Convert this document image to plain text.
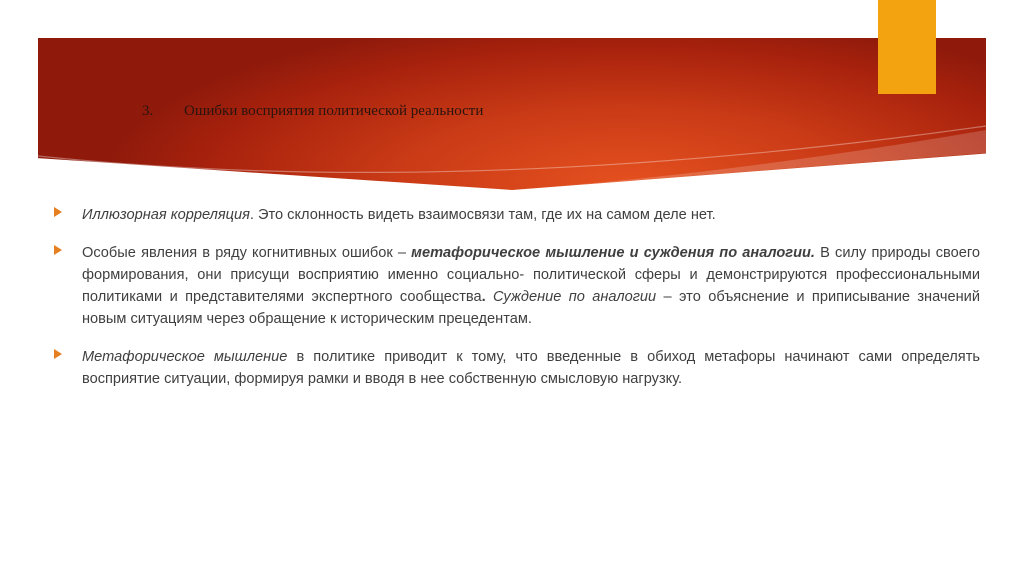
3.	Ошибки восприятия политической реальности

Иллюзорная корреляция. Это склонность видеть взаимосвязи там, где их на самом деле нет.

Особые явления в ряду когнитивных ошибок – метафорическое мышление и суждения по аналогии. В силу природы своего формирования, они присущи восприятию именно социально- политической сферы и демонстрируются профессиональными политиками и представителями экспертного сообщества. Суждение по аналогии – это объяснение и приписывание значений новым ситуациям через обращение к историческим прецедентам.

Метафорическое мышление в политике приводит к тому, что введенные в обиход метафоры начинают сами определять восприятие ситуации, формируя рамки и вводя в нее собственную смысловую нагрузку.
